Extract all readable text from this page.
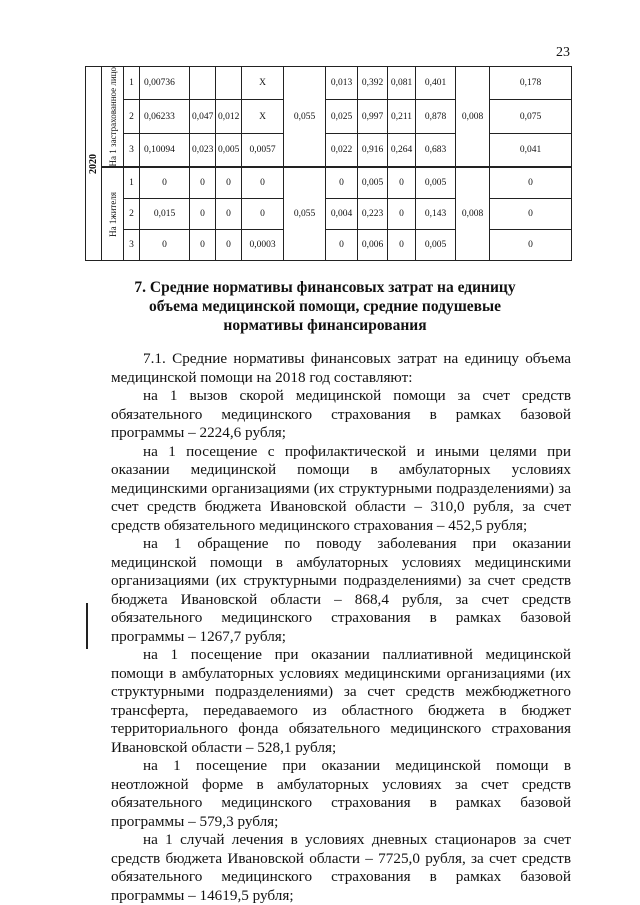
23
2020	На 1 застрахованное лицо	1	0,00736			X	0,055	0,013	0,392	0,081	0,401	0,008	0,178
		2	0,06233	0,047	0,012	X		0,025	0,997	0,211	0,878		0,075
		3	0,10094	0,023	0,005	0,0057		0,022	0,916	0,264	0,683		0,041

	На 1жителя	1	0	0	0	0	0,055	0	0,005	0	0,005	0,008	0
		2	0,015	0	0	0		0,004	0,223	0	0,143		0
		3	0	0	0	0,0003		0	0,006	0	0,005		0
7. Средние нормативы финансовых затрат на единицу объема медицинской помощи, средние подушевые нормативы финансирования

7.1. Средние нормативы финансовых затрат на единицу объема медицинской помощи на 2018 год составляют:

на 1 вызов скорой медицинской помощи за счет средств обязательного медицинского страхования в рамках базовой программы – 2224,6 рубля;

на 1 посещение с профилактической и иными целями при оказании медицинской помощи в амбулаторных условиях медицинскими организациями (их структурными подразделениями) за счет средств бюджета Ивановской области – 310,0 рубля, за счет средств обязательного медицинского страхования – 452,5 рубля;

на 1 обращение по поводу заболевания при оказании медицинской помощи в амбулаторных условиях медицинскими организациями (их структурными подразделениями) за счет средств бюджета Ивановской области – 868,4 рубля, за счет средств обязательного медицинского страхования в рамках базовой программы – 1267,7 рубля;

на 1 посещение при оказании паллиативной медицинской помощи в амбулаторных условиях медицинскими организациями (их структурными подразделениями) за счет средств межбюджетного трансферта, передаваемого из областного бюджета в бюджет территориального фонда обязательного медицинского страхования Ивановской области – 528,1 рубля;

на 1 посещение при оказании медицинской помощи в неотложной форме в амбулаторных условиях за счет средств обязательного медицинского страхования в рамках базовой программы – 579,3 рубля;

на 1 случай лечения в условиях дневных стационаров за счет средств бюджета Ивановской области – 7725,0 рубля, за счет средств обязательного медицинского страхования в рамках базовой программы – 14619,5 рубля;
